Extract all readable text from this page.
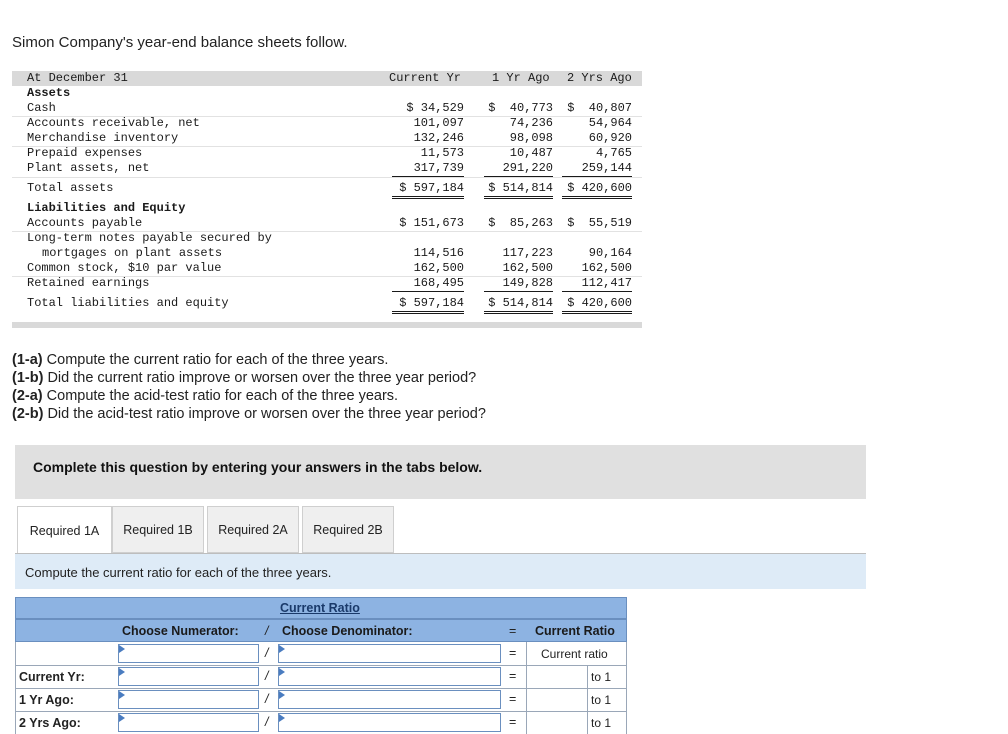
Simon Company's year-end balance sheets follow.
At December 31	Current Yr	1 Yr Ago 2 Yrs Ago
Assets
Cash	$ 34,529	$  40,773	$  40,807
Accounts receivable, net	101,097	74,236	54,964
Merchandise inventory	132,246	98,098	60,920
Prepaid expenses	11,573	10,487	4,765
Plant assets, net	317,739	291,220	259,144
Total assets	$ 597,184	$ 514,814	$ 420,600
Liabilities and Equity
Accounts payable	$ 151,673	$  85,263	$  55,519
Long-term notes payable secured by
mortgages on plant assets	114,516	117,223	90,164
Common stock, $10 par value	162,500	162,500	162,500
Retained earnings	168,495	149,828	112,417
Total liabilities and equity	$ 597,184	$ 514,814	$ 420,600
(1-a) Compute the current ratio for each of the three years.
(1-b) Did the current ratio improve or worsen over the three year period?
(2-a) Compute the acid-test ratio for each of the three years.
(2-b) Did the acid-test ratio improve or worsen over the three year period?
Complete this question by entering your answers in the tabs below.
Required 1A	Required 1B	Required 2A	Required 2B
Compute the current ratio for each of the three years.
Current Ratio
Choose Numerator: / Choose Denominator:	= Current Ratio
/	= Current ratio
Current Yr:	/	=	to 1
1 Yr Ago:	/	=	to 1
2 Yrs Ago:	/	=	to 1
